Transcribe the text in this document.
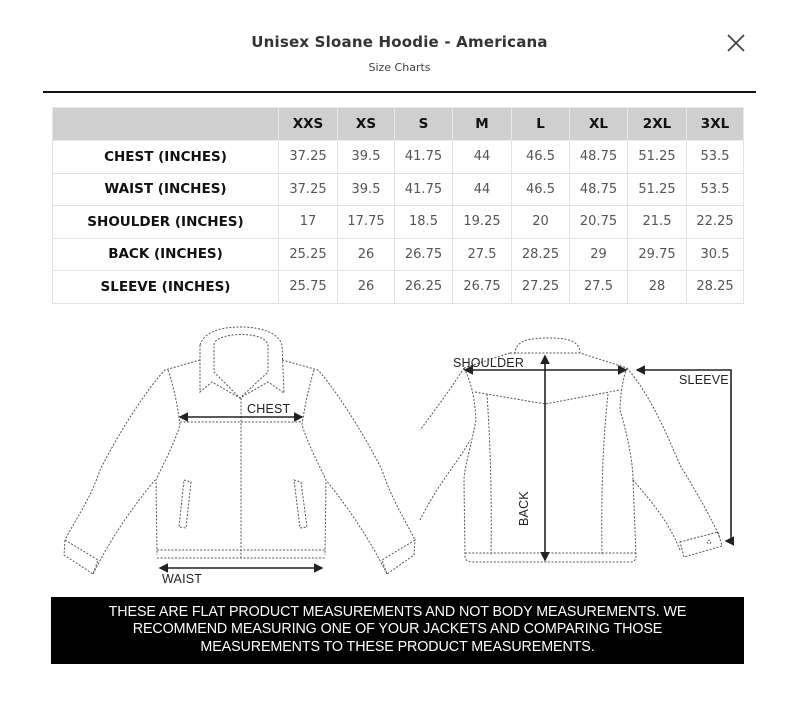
Unisex Sloane Hoodie - Americana
Size Charts
	XXS	XS	S	M	L	XL	2XL	3XL
CHEST (INCHES)	37.25	39.5	41.75	44	46.5	48.75	51.25	53.5
WAIST (INCHES)	37.25	39.5	41.75	44	46.5	48.75	51.25	53.5
SHOULDER (INCHES)	17	17.75	18.5	19.25	20	20.75	21.5	22.25
BACK (INCHES)	25.25	26	26.75	27.5	28.25	29	29.75	30.5
SLEEVE (INCHES)	25.75	26	26.25	26.75	27.25	27.5	28	28.25
CHEST
WAIST
SHOULDER
SLEEVE
BACK
THESE ARE FLAT PRODUCT MEASUREMENTS AND NOT BODY MEASUREMENTS. WE
RECOMMEND MEASURING ONE OF YOUR JACKETS AND COMPARING THOSE
MEASUREMENTS TO THESE PRODUCT MEASUREMENTS.
